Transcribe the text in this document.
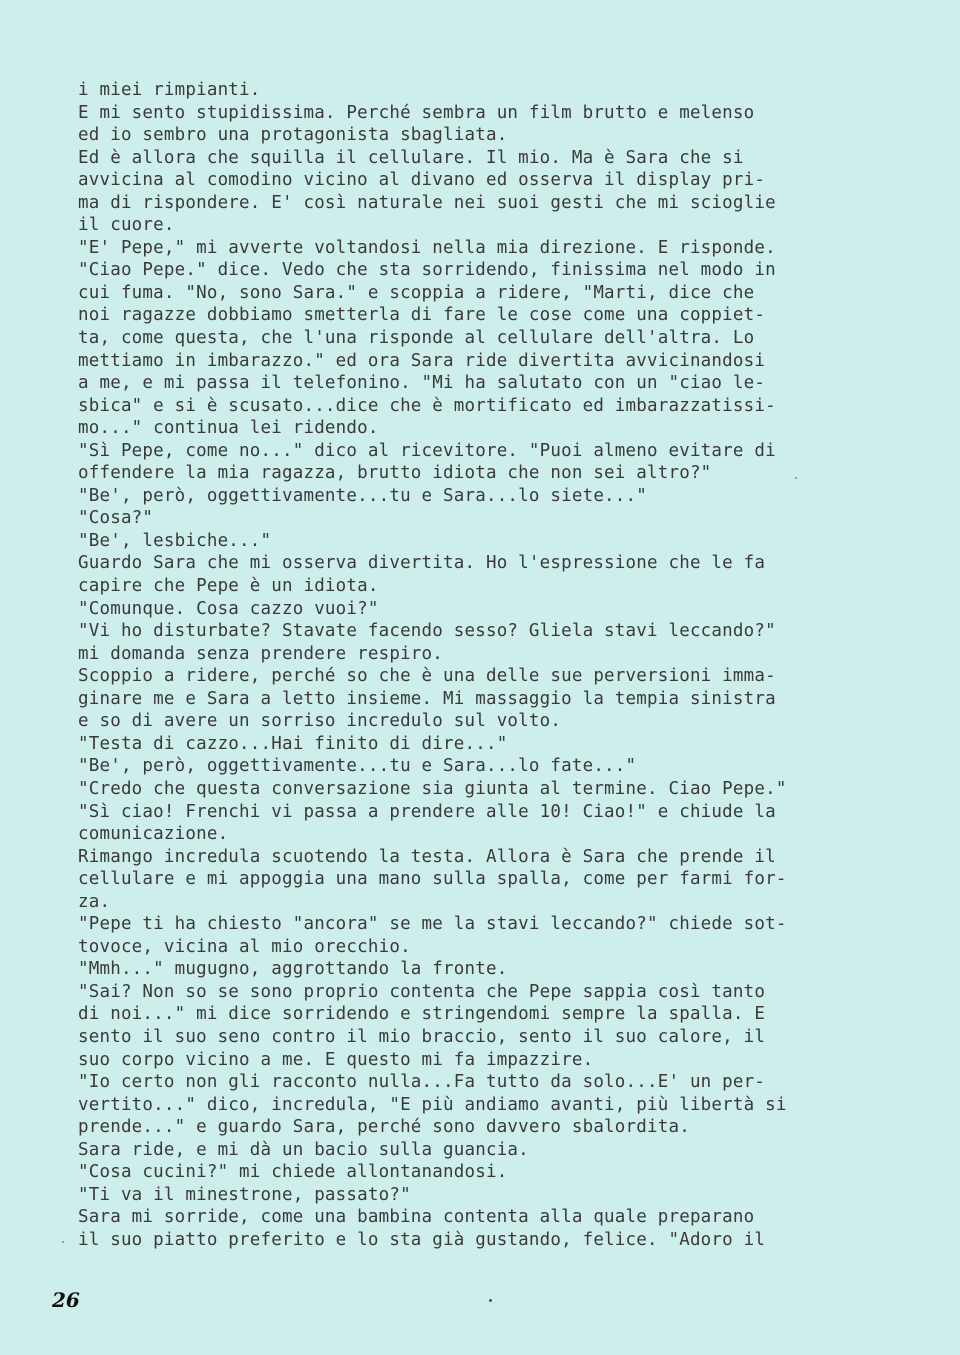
i miei rimpianti.
E mi sento stupidissima. Perché sembra un film brutto e melenso
ed io sembro una protagonista sbagliata.
Ed è allora che squilla il cellulare. Il mio. Ma è Sara che si
avvicina al comodino vicino al divano ed osserva il display pri-
ma di rispondere. E' così naturale nei suoi gesti che mi scioglie
il cuore.
"E' Pepe," mi avverte voltandosi nella mia direzione. E risponde.
"Ciao Pepe." dice. Vedo che sta sorridendo, finissima nel modo in
cui fuma. "No, sono Sara." e scoppia a ridere, "Marti, dice che
noi ragazze dobbiamo smetterla di fare le cose come una coppiet-
ta, come questa, che l'una risponde al cellulare dell'altra. Lo
mettiamo in imbarazzo." ed ora Sara ride divertita avvicinandosi
a me, e mi passa il telefonino. "Mi ha salutato con un "ciao le-
sbica" e si è scusato...dice che è mortificato ed imbarazzatissi-
mo..." continua lei ridendo.
"Sì Pepe, come no..." dico al ricevitore. "Puoi almeno evitare di
offendere la mia ragazza, brutto idiota che non sei altro?"
"Be', però, oggettivamente...tu e Sara...lo siete..."
"Cosa?"
"Be', lesbiche..."
Guardo Sara che mi osserva divertita. Ho l'espressione che le fa
capire che Pepe è un idiota.
"Comunque. Cosa cazzo vuoi?"
"Vi ho disturbate? Stavate facendo sesso? Gliela stavi leccando?"
mi domanda senza prendere respiro.
Scoppio a ridere, perché so che è una delle sue perversioni imma-
ginare me e Sara a letto insieme. Mi massaggio la tempia sinistra
e so di avere un sorriso incredulo sul volto.
"Testa di cazzo...Hai finito di dire..."
"Be', però, oggettivamente...tu e Sara...lo fate..."
"Credo che questa conversazione sia giunta al termine. Ciao Pepe."
"Sì ciao! Frenchi vi passa a prendere alle 10! Ciao!" e chiude la
comunicazione.
Rimango incredula scuotendo la testa. Allora è Sara che prende il
cellulare e mi appoggia una mano sulla spalla, come per farmi for-
za.
"Pepe ti ha chiesto "ancora" se me la stavi leccando?" chiede sot-
tovoce, vicina al mio orecchio.
"Mmh..." mugugno, aggrottando la fronte.
"Sai? Non so se sono proprio contenta che Pepe sappia così tanto
di noi..." mi dice sorridendo e stringendomi sempre la spalla. E
sento il suo seno contro il mio braccio, sento il suo calore, il
suo corpo vicino a me. E questo mi fa impazzire.
"Io certo non gli racconto nulla...Fa tutto da solo...E' un per-
vertito..." dico, incredula, "E più andiamo avanti, più libertà si
prende..." e guardo Sara, perché sono davvero sbalordita.
Sara ride, e mi dà un bacio sulla guancia.
"Cosa cucini?" mi chiede allontanandosi.
"Ti va il minestrone, passato?"
Sara mi sorride, come una bambina contenta alla quale preparano
il suo piatto preferito e lo sta già gustando, felice. "Adoro il
26
